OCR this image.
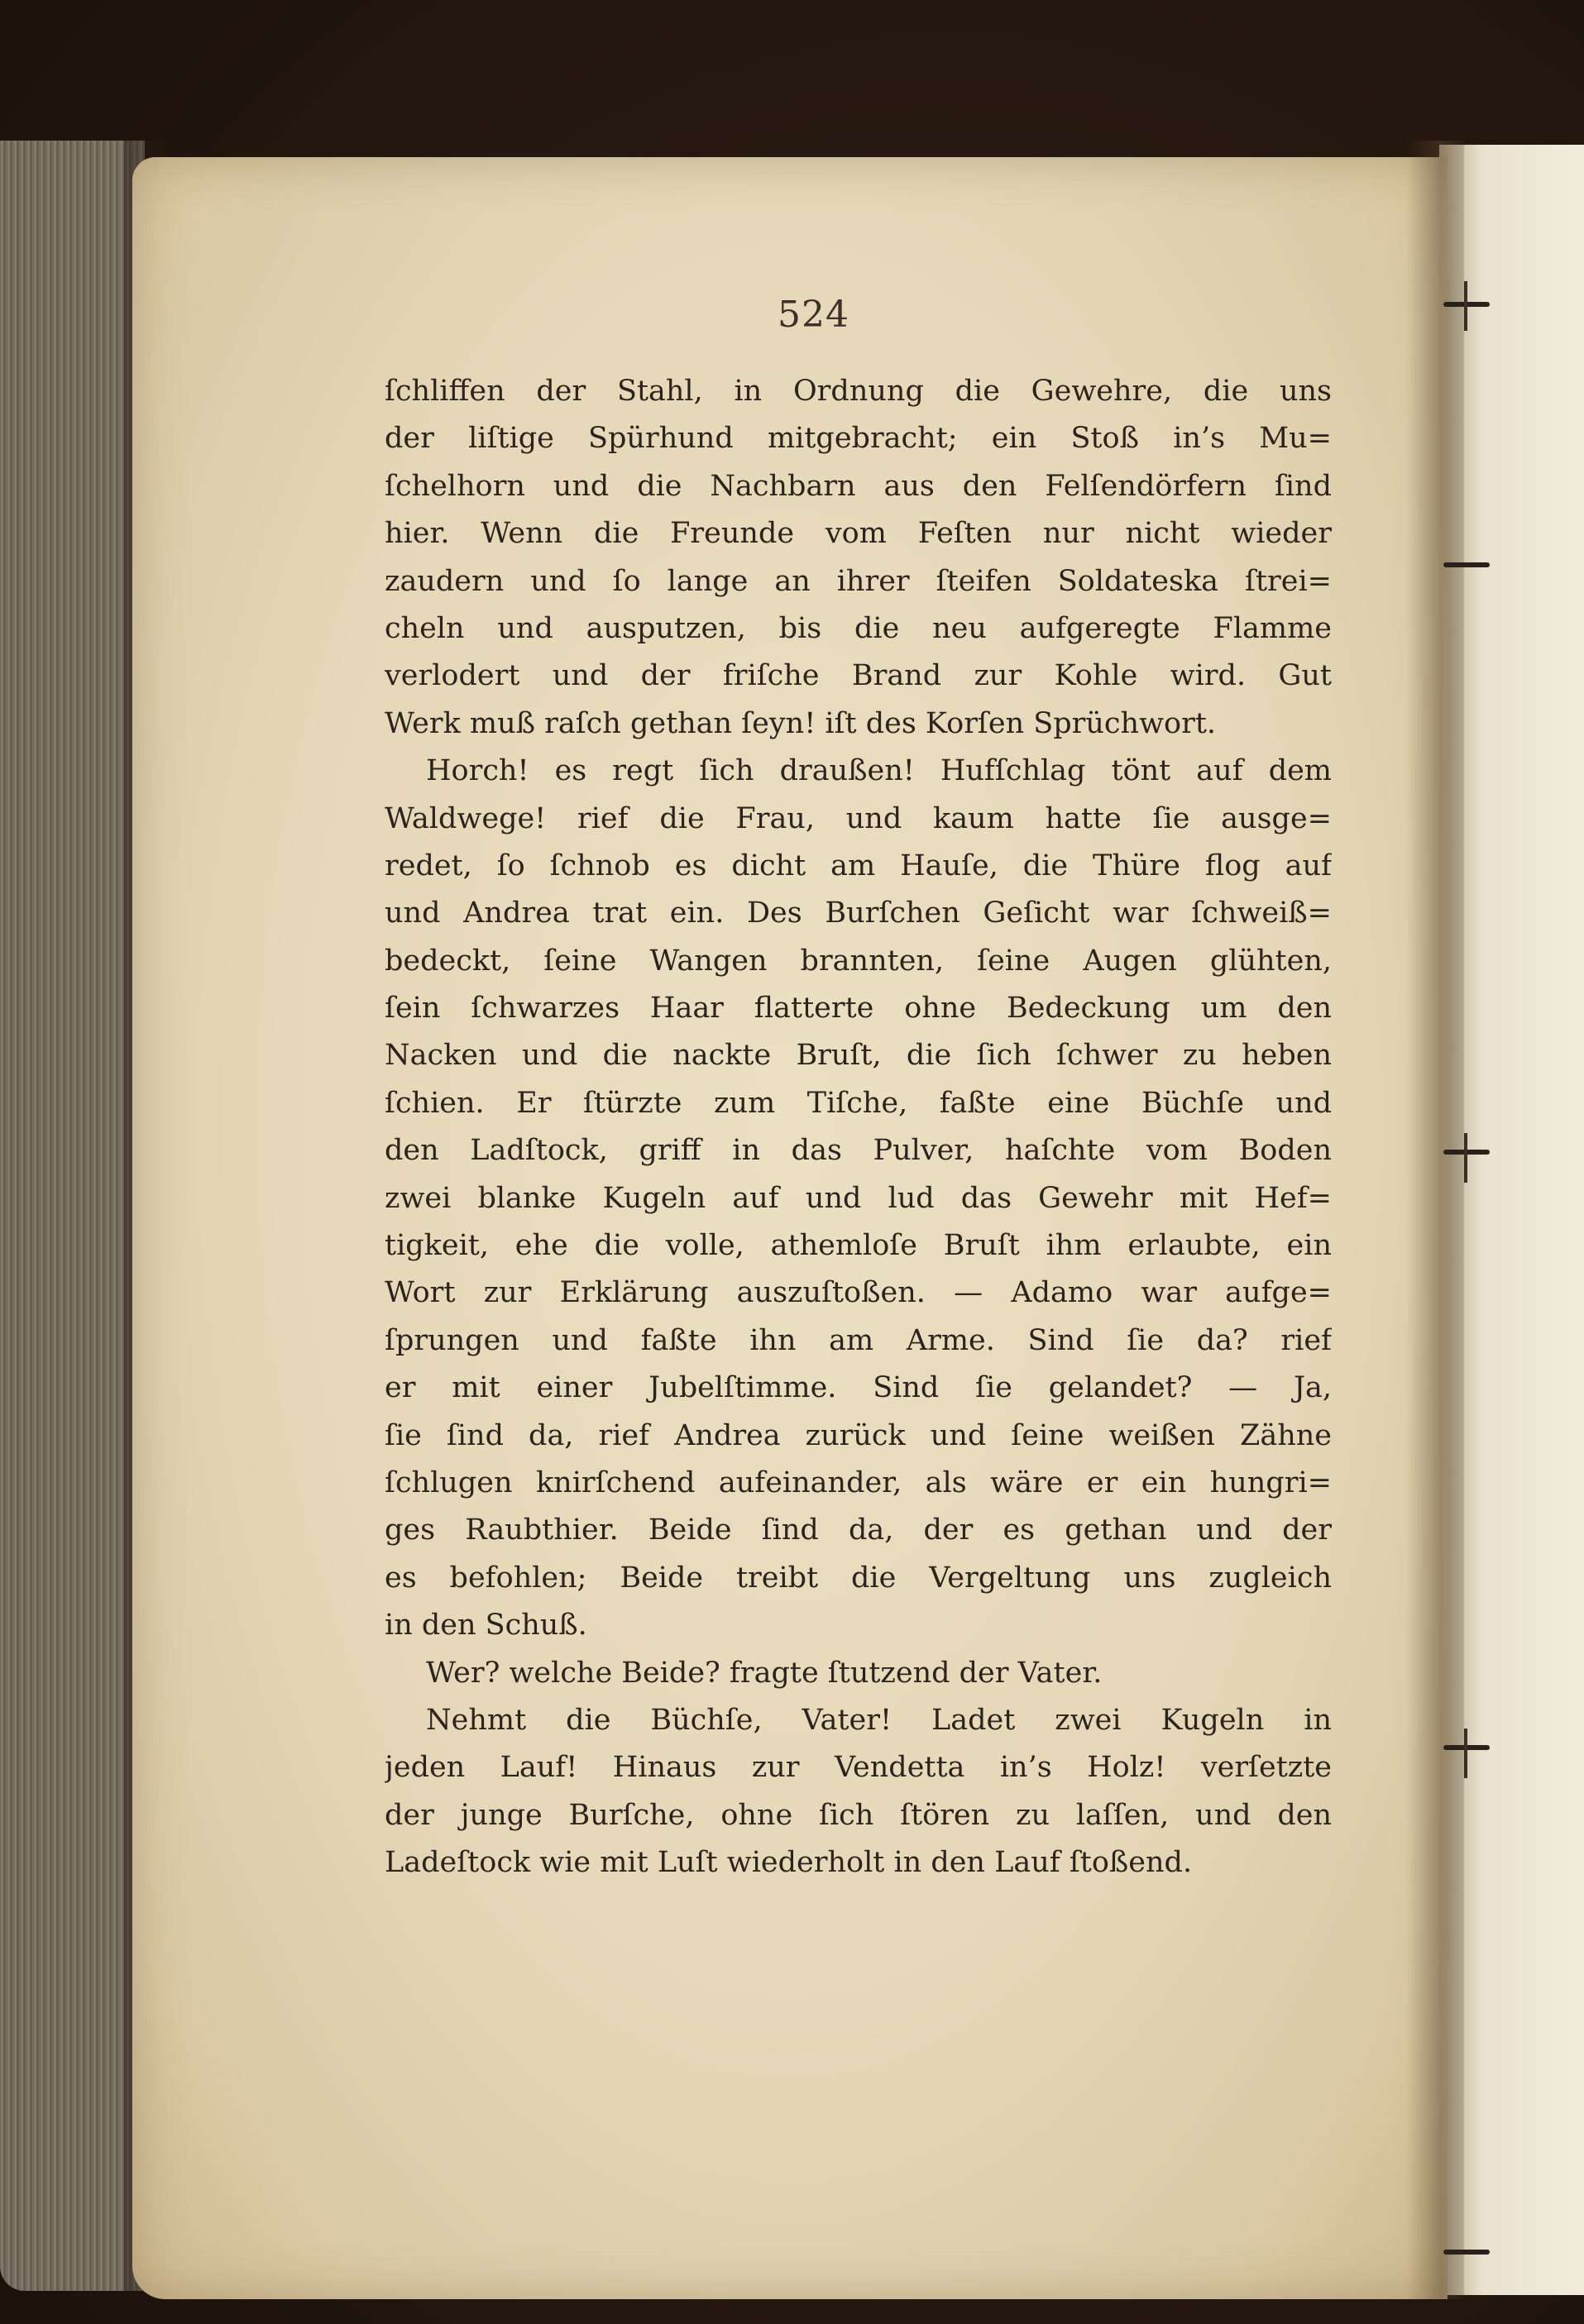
524
ſchliffen der Stahl, in Ordnung die Gewehre, die uns
der liſtige Spürhund mitgebracht; ein Stoß in’s Mu=
ſchelhorn und die Nachbarn aus den Felſendörfern ſind
hier. Wenn die Freunde vom Feſten nur nicht wieder
zaudern und ſo lange an ihrer ſteifen Soldateska ſtrei=
cheln und ausputzen, bis die neu aufgeregte Flamme
verlodert und der friſche Brand zur Kohle wird. Gut
Werk muß raſch gethan ſeyn! iſt des Korſen Sprüchwort.
Horch! es regt ſich draußen! Hufſchlag tönt auf dem
Waldwege! rief die Frau, und kaum hatte ſie ausge=
redet, ſo ſchnob es dicht am Hauſe, die Thüre flog auf
und Andrea trat ein. Des Burſchen Geſicht war ſchweiß=
bedeckt, ſeine Wangen brannten, ſeine Augen glühten,
ſein ſchwarzes Haar flatterte ohne Bedeckung um den
Nacken und die nackte Bruſt, die ſich ſchwer zu heben
ſchien. Er ſtürzte zum Tiſche, faßte eine Büchſe und
den Ladſtock, griff in das Pulver, haſchte vom Boden
zwei blanke Kugeln auf und lud das Gewehr mit Hef=
tigkeit, ehe die volle, athemloſe Bruſt ihm erlaubte, ein
Wort zur Erklärung auszuſtoßen. — Adamo war aufge=
ſprungen und faßte ihn am Arme. Sind ſie da? rief
er mit einer Jubelſtimme. Sind ſie gelandet? — Ja,
ſie ſind da, rief Andrea zurück und ſeine weißen Zähne
ſchlugen knirſchend aufeinander, als wäre er ein hungri=
ges Raubthier. Beide ſind da, der es gethan und der
es befohlen; Beide treibt die Vergeltung uns zugleich
in den Schuß.
Wer? welche Beide? fragte ſtutzend der Vater.
Nehmt die Büchſe, Vater! Ladet zwei Kugeln in
jeden Lauf! Hinaus zur Vendetta in’s Holz! verſetzte
der junge Burſche, ohne ſich ſtören zu laſſen, und den
Ladeſtock wie mit Luſt wiederholt in den Lauf ſtoßend.
